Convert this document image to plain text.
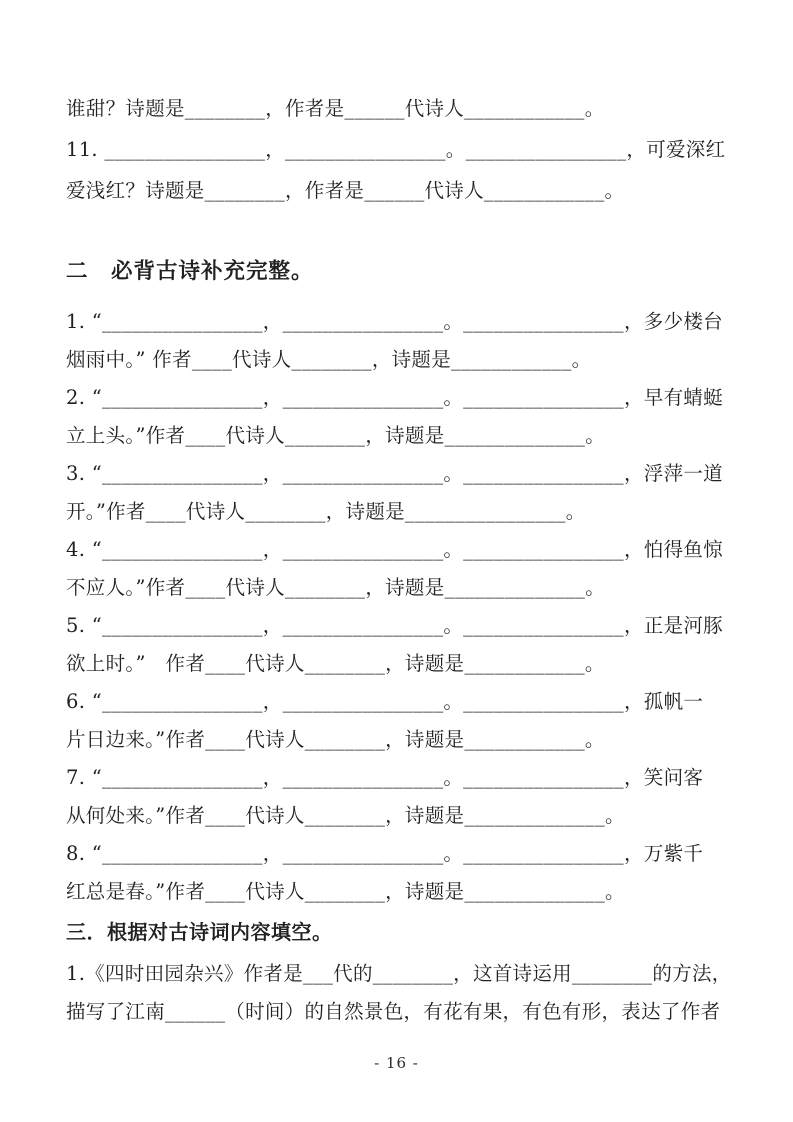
谁甜？诗题是________，作者是______代诗人____________。
11. ________________，________________。________________，可爱深红
爱浅红？诗题是________，作者是______代诗人____________。
二　必背古诗补充完整。
1. “________________，________________。________________，多少楼台
烟雨中。” 作者____代诗人________，诗题是____________。
2. “________________，________________。________________，早有蜻蜓
立上头。”作者____代诗人________，诗题是______________。
3. “________________，________________。________________，浮萍一道
开。”作者____代诗人________，诗题是________________。
4. “________________，________________。________________，怕得鱼惊
不应人。”作者____代诗人________，诗题是______________。
5. “________________，________________。________________，正是河豚
欲上时。”　作者____代诗人________，诗题是____________。
6. “________________，________________。________________，孤帆一
片日边来。”作者____代诗人________，诗题是____________。
7. “________________，________________。________________，笑问客
从何处来。”作者____代诗人________，诗题是______________。
8. “________________，________________。________________，万紫千
红总是春。”作者____代诗人________，诗题是______________。
三．根据对古诗词内容填空。
1.《四时田园杂兴》作者是___代的________，这首诗运用________的方法，
描写了江南______（时间）的自然景色，有花有果，有色有形，表达了作者
- 16 -
